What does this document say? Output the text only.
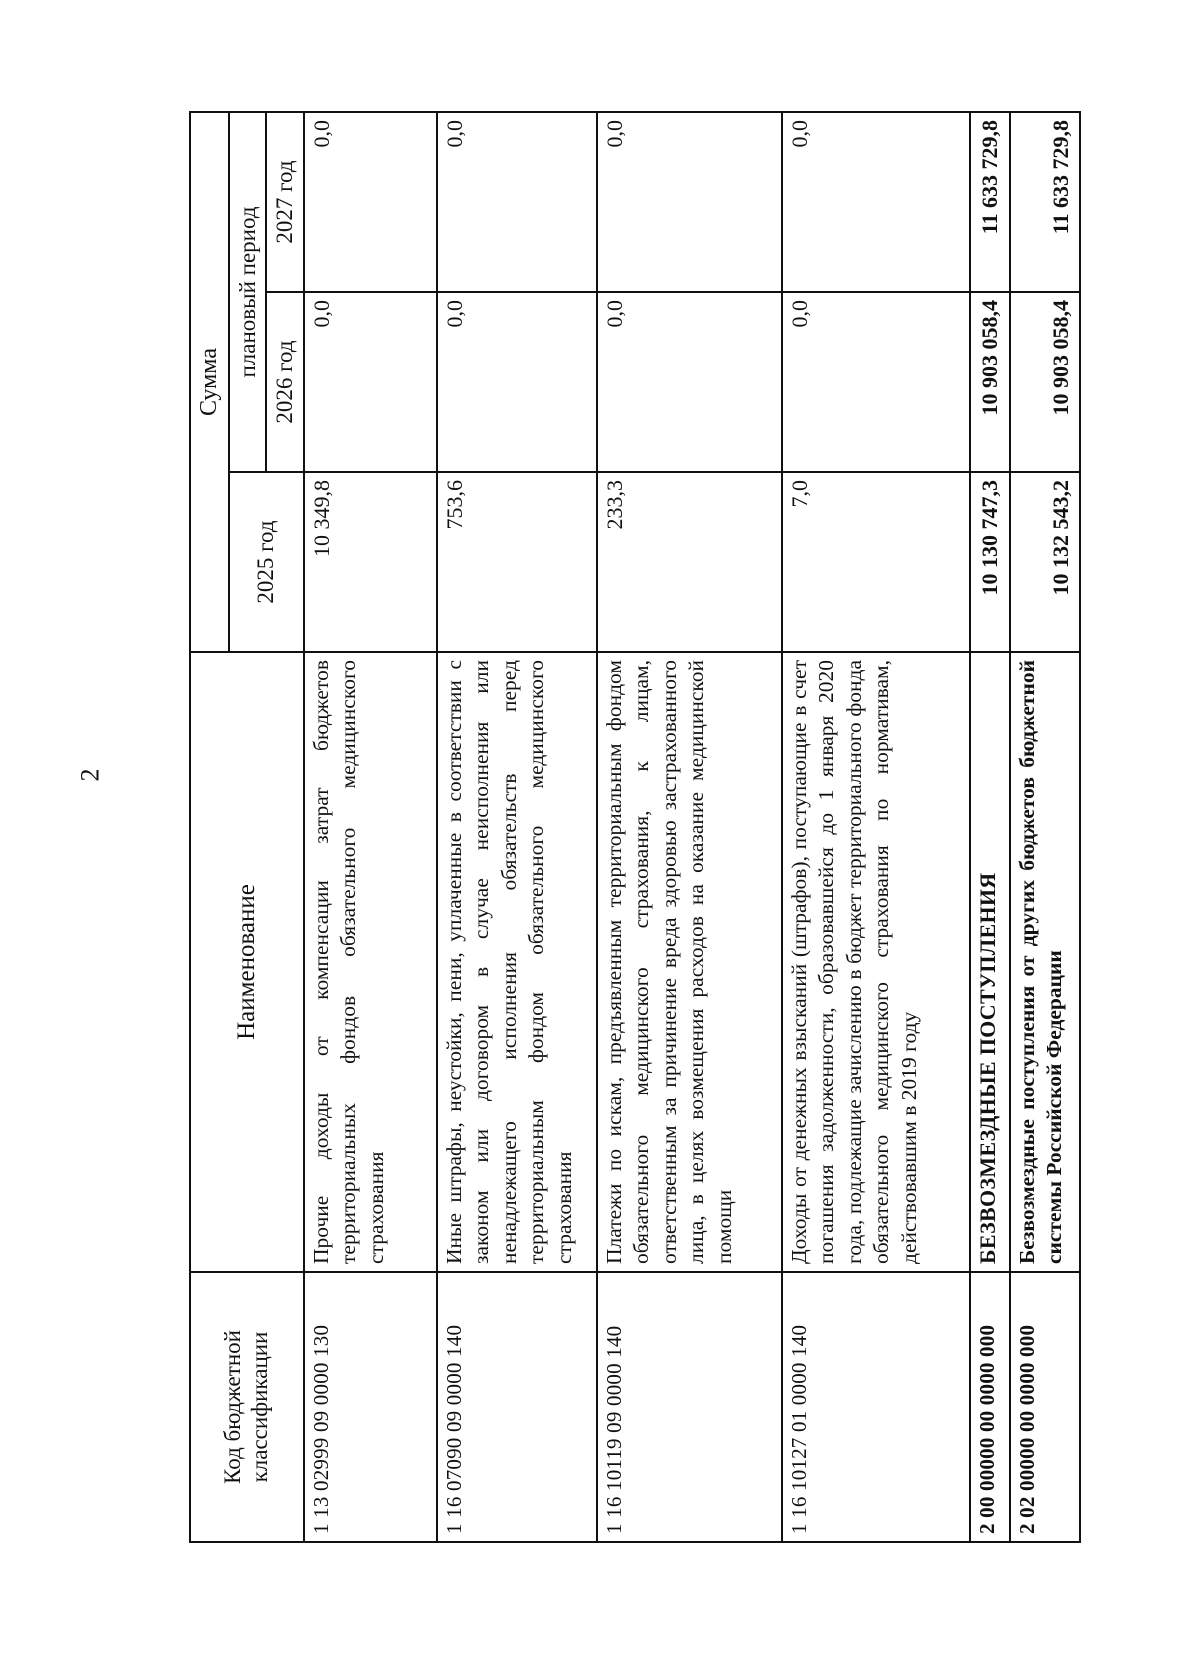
2
Код бюджетной классификации	Наименование	Сумма		
		2025 год	плановый период	
			2026 год	2027 год
1 13 02999 09 0000 130	Прочие доходы от компенсации затрат бюджетов территориальных фондов обязательного медицинского страхования	10 349,8	0,0	0,0
1 16 07090 09 0000 140	Иные штрафы, неустойки, пени, уплаченные в соответствии с законом или договором в случае неисполнения или ненадлежащего исполнения обязательств перед территориальным фондом обязательного медицинского страхования	753,6	0,0	0,0
1 16 10119 09 0000 140	Платежи по искам, предъявленным территориальным фондом обязательного медицинского страхования, к лицам, ответственным за причинение вреда здоровью застрахованного лица, в целях возмещения расходов на оказание медицинской помощи	233,3	0,0	0,0
1 16 10127 01 0000 140	Доходы от денежных взысканий (штрафов), поступающие в счет погашения задолженности, образовавшейся до 1 января 2020 года, подлежащие зачислению в бюджет территориального фонда обязательного медицинского страхования по нормативам, действовавшим в 2019 году	7,0	0,0	0,0
2 00 00000 00 0000 000	БЕЗВОЗМЕЗДНЫЕ ПОСТУПЛЕНИЯ	10 130 747,3	10 903 058,4	11 633 729,8
2 02 00000 00 0000 000	Безвозмездные поступления от других бюджетов бюджетной системы Российской Федерации	10 132 543,2	10 903 058,4	11 633 729,8
